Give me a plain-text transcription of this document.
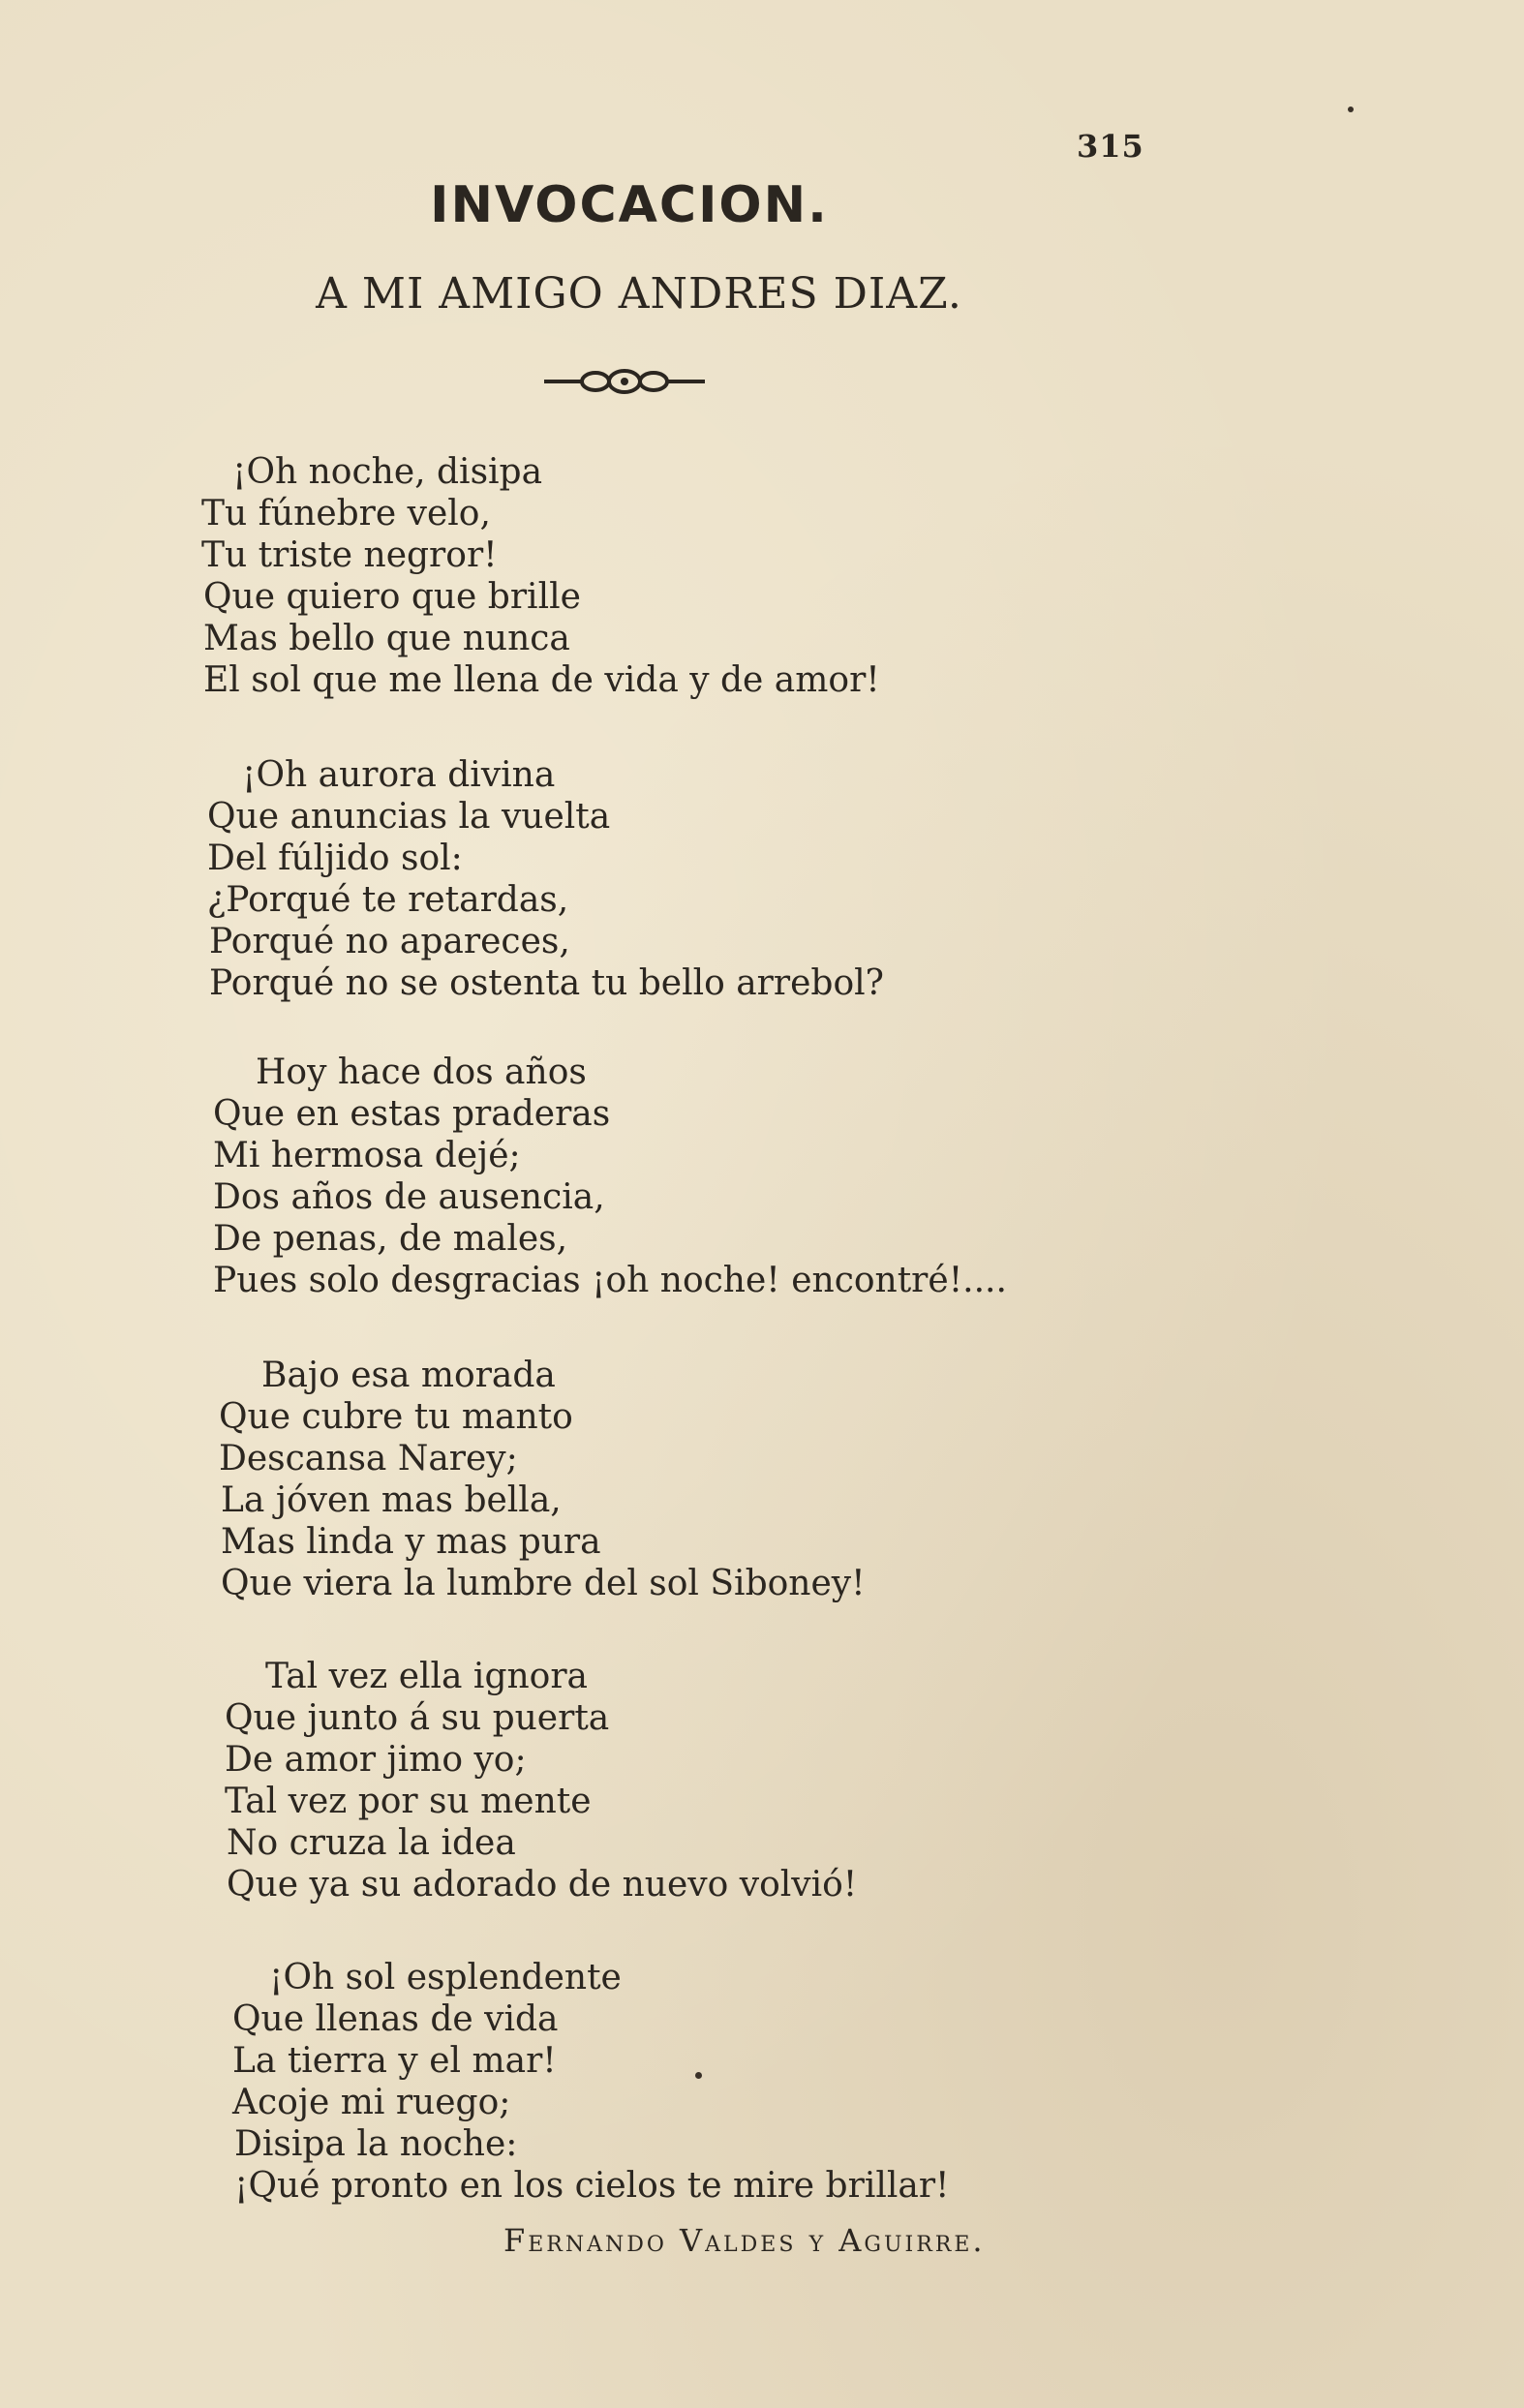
315
INVOCACION.
A MI AMIGO ANDRES DIAZ.
¡Oh noche, disipa
Tu fúnebre velo,
Tu triste negror!
Que quiero que brille
Mas bello que nunca
El sol que me llena de vida y de amor!
¡Oh aurora divina
Que anuncias la vuelta
Del fúljido sol:
¿Porqué te retardas,
Porqué no apareces,
Porqué no se ostenta tu bello arrebol?
Hoy hace dos años
Que en estas praderas
Mi hermosa dejé;
Dos años de ausencia,
De penas, de males,
Pues solo desgracias ¡oh noche! encontré!....
Bajo esa morada
Que cubre tu manto
Descansa Narey;
La jóven mas bella,
Mas linda y mas pura
Que viera la lumbre del sol Siboney!
Tal vez ella ignora
Que junto á su puerta
De amor jimo yo;
Tal vez por su mente
No cruza la idea
Que ya su adorado de nuevo volvió!
¡Oh sol esplendente
Que llenas de vida
La tierra y el mar!
Acoje mi ruego;
Disipa la noche:
¡Qué pronto en los cielos te mire brillar!
Fernando Valdes y Aguirre.
